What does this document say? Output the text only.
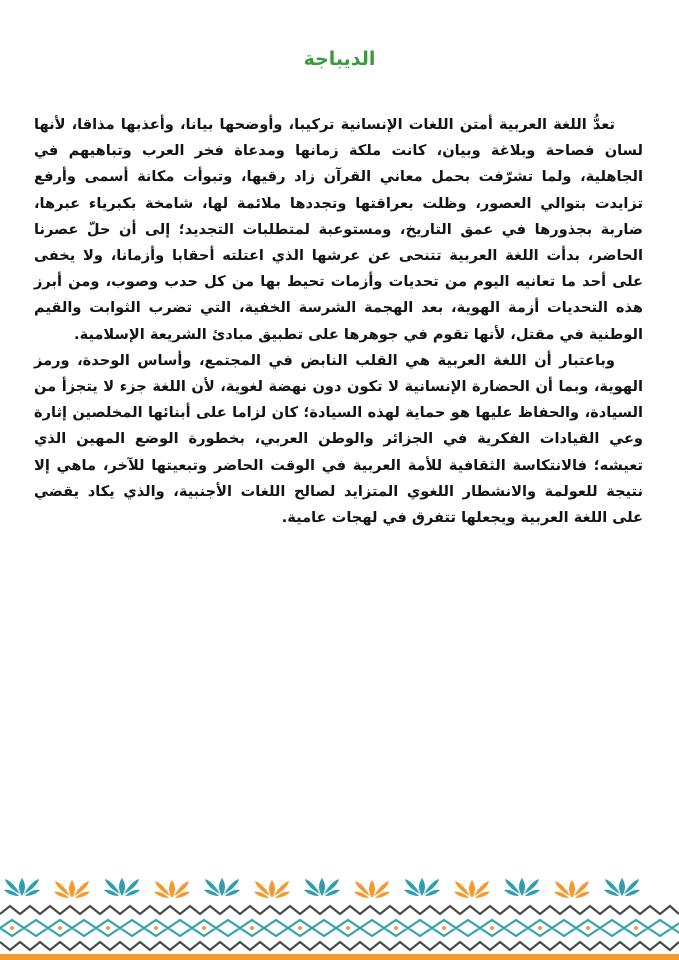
الديباجة

تعدُّ اللغة العربية أمتن اللغات الإنسانية تركيبا، وأوضحها بيانا، وأعذبها مذاقا، لأنها لسان فصاحة وبلاغة وبيان، كانت ملكة زمانها ومدعاة فخر العرب وتباهيهم في الجاهلية، ولما تشرّفت بحمل معاني القرآن زاد رقيها، وتبوأت مكانة أسمى وأرفع تزايدت بتوالي العصور، وظلت بعراقتها وتجددها ملائمة لها، شامخة بكبرياء عبرها، ضاربة بجذورها في عمق التاريخ، ومستوعبة لمتطلبات التجديد؛ إلى أن حلّ عصرنا الحاضر، بدأت اللغة العربية تتنحى عن عرشها الذي اعتلته أحقابا وأزمانا، ولا يخفى على أحد ما تعانيه اليوم من تحديات وأزمات تحيط بها من كل حدب وصوب، ومن أبرز هذه التحديات أزمة الهوية، بعد الهجمة الشرسة الخفية، التي تضرب الثوابت والقيم الوطنية في مقتل، لأنها تقوم في جوهرها على تطبيق مبادئ الشريعة الإسلامية.

وباعتبار أن اللغة العربية هي القلب النابض في المجتمع، وأساس الوحدة، ورمز الهوية، وبما أن الحضارة الإنسانية لا تكون دون نهضة لغوية، لأن اللغة جزء لا يتجزأ من السيادة، والحفاظ عليها هو حماية لهذه السيادة؛ كان لزاما على أبنائها المخلصين إثارة وعي القيادات الفكرية في الجزائر والوطن العربي، بخطورة الوضع المهين الذي تعيشه؛ فالانتكاسة الثقافية للأمة العربية في الوقت الحاضر وتبعيتها للآخر، ماهي إلا نتيجة للعولمة والانشطار اللغوي المتزايد لصالح اللغات الأجنبية، والذي يكاد يقضي على اللغة العربية ويجعلها تتفرق في لهجات عامية.
